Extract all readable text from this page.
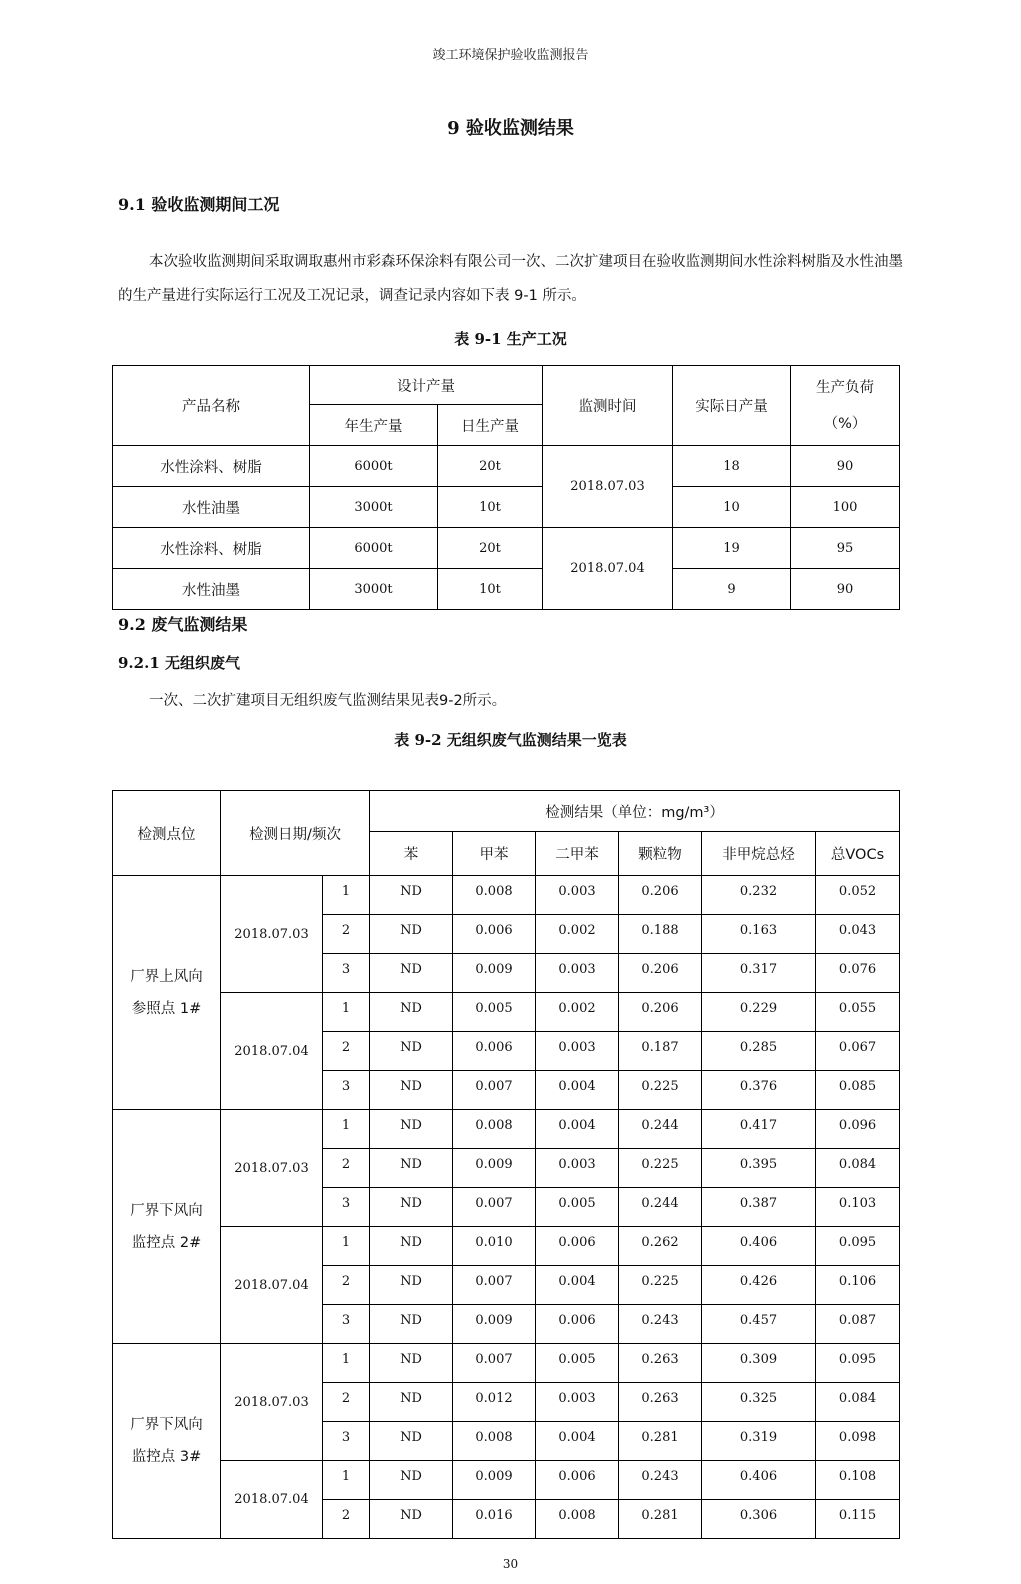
竣工环境保护验收监测报告
9 验收监测结果
9.1 验收监测期间工况
本次验收监测期间采取调取惠州市彩森环保涂料有限公司一次、二次扩建项目在验收监测期间水性涂料树脂及水性油墨的生产量进行实际运行工况及工况记录，调查记录内容如下表 9-1 所示。
表 9-1 生产工况
产品名称	设计产量		监测时间	实际日产量	生产负荷
（%）

	年生产量	日生产量			
水性涂料、树脂	6000t	20t	2018.07.03	18	90
水性油墨	3000t	10t		10	100
水性涂料、树脂	6000t	20t	2018.07.04	19	95
水性油墨	3000t	10t		9	90
9.2 废气监测结果
9.2.1 无组织废气
一次、二次扩建项目无组织废气监测结果见表9-2所示。
表 9-2 无组织废气监测结果一览表
检测点位	检测日期/频次		检测结果（单位：mg/m³）					
			苯	甲苯	二甲苯	颗粒物	非甲烷总烃	总VOCs

厂界上风向
参照点 1#	2018.07.03	1	ND	0.008	0.003	0.206	0.232	0.052
		2	ND	0.006	0.002	0.188	0.163	0.043
		3	ND	0.009	0.003	0.206	0.317	0.076
	2018.07.04	1	ND	0.005	0.002	0.206	0.229	0.055
		2	ND	0.006	0.003	0.187	0.285	0.067
		3	ND	0.007	0.004	0.225	0.376	0.085

厂界下风向
监控点 2#	2018.07.03	1	ND	0.008	0.004	0.244	0.417	0.096
		2	ND	0.009	0.003	0.225	0.395	0.084
		3	ND	0.007	0.005	0.244	0.387	0.103
	2018.07.04	1	ND	0.010	0.006	0.262	0.406	0.095
		2	ND	0.007	0.004	0.225	0.426	0.106
		3	ND	0.009	0.006	0.243	0.457	0.087

厂界下风向
监控点 3#	2018.07.03	1	ND	0.007	0.005	0.263	0.309	0.095
		2	ND	0.012	0.003	0.263	0.325	0.084
		3	ND	0.008	0.004	0.281	0.319	0.098
	2018.07.04	1	ND	0.009	0.006	0.243	0.406	0.108
		2	ND	0.016	0.008	0.281	0.306	0.115
30
